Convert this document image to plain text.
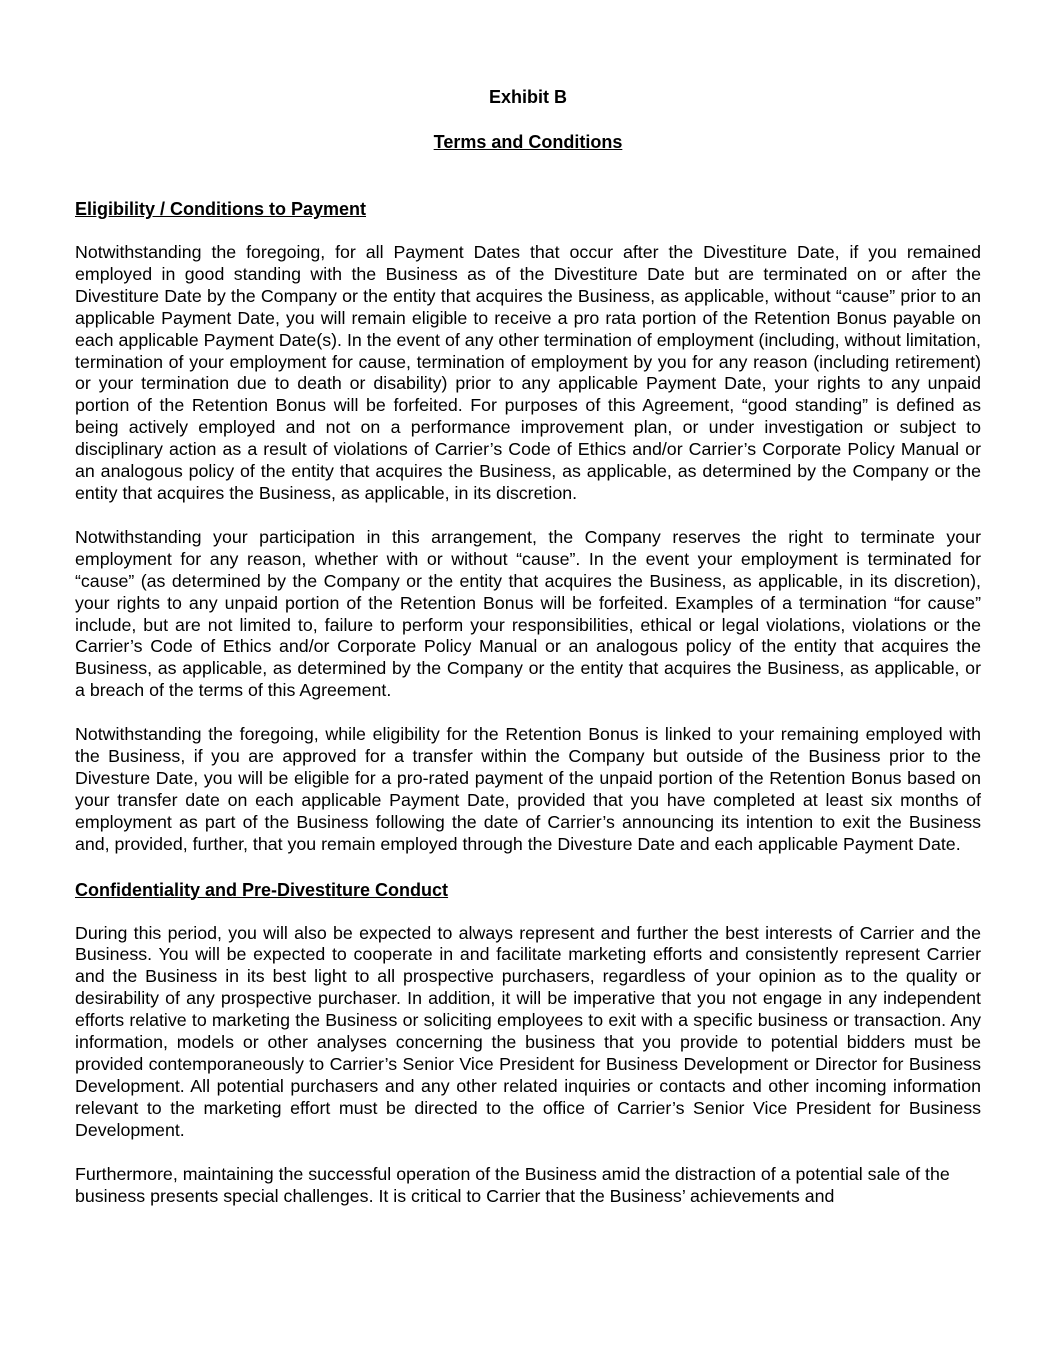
Exhibit B

Terms and Conditions

Eligibility / Conditions to Payment

Notwithstanding the foregoing, for all Payment Dates that occur after the Divestiture Date, if you remained employed in good standing with the Business as of the Divestiture Date but are terminated on or after the Divestiture Date by the Company or the entity that acquires the Business, as applicable, without “cause” prior to an applicable Payment Date, you will remain eligible to receive a pro rata portion of the Retention Bonus payable on each applicable Payment Date(s). In the event of any other termination of employment (including, without limitation, termination of your employment for cause, termination of employment by you for any reason (including retirement) or your termination due to death or disability) prior to any applicable Payment Date, your rights to any unpaid portion of the Retention Bonus will be forfeited. For purposes of this Agreement, “good standing” is defined as being actively employed and not on a performance improvement plan, or under investigation or subject to disciplinary action as a result of violations of Carrier’s Code of Ethics and/or Carrier’s Corporate Policy Manual or an analogous policy of the entity that acquires the Business, as applicable, as determined by the Company or the entity that acquires the Business, as applicable, in its discretion.

Notwithstanding your participation in this arrangement, the Company reserves the right to terminate your employment for any reason, whether with or without “cause”. In the event your employment is terminated for “cause” (as determined by the Company or the entity that acquires the Business, as applicable, in its discretion), your rights to any unpaid portion of the Retention Bonus will be forfeited. Examples of a termination “for cause” include, but are not limited to, failure to perform your responsibilities, ethical or legal violations, violations or the Carrier’s Code of Ethics and/or Corporate Policy Manual or an analogous policy of the entity that acquires the Business, as applicable, as determined by the Company or the entity that acquires the Business, as applicable, or a breach of the terms of this Agreement.

Notwithstanding the foregoing, while eligibility for the Retention Bonus is linked to your remaining employed with the Business, if you are approved for a transfer within the Company but outside of the Business prior to the Divesture Date, you will be eligible for a pro-rated payment of the unpaid portion of the Retention Bonus based on your transfer date on each applicable Payment Date, provided that you have completed at least six months of employment as part of the Business following the date of Carrier’s announcing its intention to exit the Business and, provided, further, that you remain employed through the Divesture Date and each applicable Payment Date.

Confidentiality and Pre-Divestiture Conduct

During this period, you will also be expected to always represent and further the best interests of Carrier and the Business. You will be expected to cooperate in and facilitate marketing efforts and consistently represent Carrier and the Business in its best light to all prospective purchasers, regardless of your opinion as to the quality or desirability of any prospective purchaser. In addition, it will be imperative that you not engage in any independent efforts relative to marketing the Business or soliciting employees to exit with a specific business or transaction. Any information, models or other analyses concerning the business that you provide to potential bidders must be provided contemporaneously to Carrier’s Senior Vice President for Business Development or Director for Business Development. All potential purchasers and any other related inquiries or contacts and other incoming information relevant to the marketing effort must be directed to the office of Carrier’s Senior Vice President for Business Development.

Furthermore, maintaining the successful operation of the Business amid the distraction of a potential sale of the business presents special challenges. It is critical to Carrier that the Business’ achievements and
